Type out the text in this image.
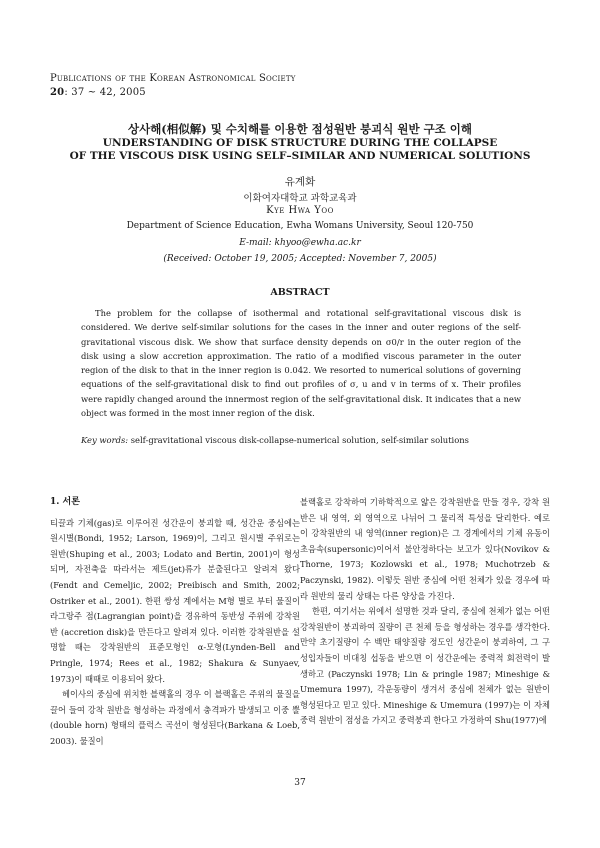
Publications of the Korean Astronomical Society
20: 37 ~ 42, 2005
상사해(相似解) 및 수치해를 이용한 점성원반 붕괴식 원반 구조 이해
UNDERSTANDING OF DISK STRUCTURE DURING THE COLLAPSE
OF THE VISCOUS DISK USING SELF–SIMILAR AND NUMERICAL SOLUTIONS
유계화
이화여자대학교 과학교육과
Kye Hwa Yoo
Department of Science Education, Ewha Womans University, Seoul 120-750
E-mail: khyoo@ewha.ac.kr
(Received: October 19, 2005; Accepted: November 7, 2005)
ABSTRACT

The problem for the collapse of isothermal and rotational self-gravitational viscous disk is considered. We derive self-similar solutions for the cases in the inner and outer regions of the self-gravitational viscous disk. We show that surface density depends on σ0/r in the outer region of the disk using a slow accretion approximation. The ratio of a modified viscous parameter in the outer region of the disk to that in the inner region is 0.042. We resorted to numerical solutions of governing equations of the self-gravitational disk to find out profiles of σ, u and v in terms of x. Their profiles were rapidly changed around the innermost region of the self-gravitational disk. It indicates that a new object was formed in the most inner region of the disk.

Key words: self-gravitational viscous disk-collapse-numerical solution, self-similar solutions
1. 서론

티끌과 기체(gas)로 이루어진 성간운이 붕괴할 때, 성간운 중심에는 원시별(Bondi, 1952; Larson, 1969)이, 그리고 원시별 주위로는 원반(Shuping et al., 2003; Lodato and Bertin, 2001)이 형성되며, 자전축을 따라서는 제트(jet)류가 분출된다고 알려져 왔다(Fendt and Cemeljic, 2002; Preibisch and Smith, 2002; Ostriker et al., 2001). 한편 쌍성 계에서는 M형 별로 부터 물질이 라그랑주 점(Lagrangian point)을 경유하여 동반성 주위에 강착원반 (accretion disk)을 만든다고 알려져 있다. 이러한 강착원반을 설명할 때는 강착원반의 표준모형인 α-모형(Lynden-Bell and Pringle, 1974; Rees et al., 1982; Shakura & Sunyaev, 1973)이 때때로 이용되어 왔다.

헤이사의 중심에 위치한 블랙홀의 경우 이 블랙홀은 주위의 물질을 끌어 들여 강착 원반을 형성하는 과정에서 충격파가 발생되고 이중 뿔(double horn) 형태의 플럭스 곡선이 형성된다(Barkana & Loeb, 2003). 물질이

블랙홀로 강착하여 기하학적으로 얇은 강착원반을 만들 경우, 강착 원반은 내 영역, 외 영역으로 나뉘어 그 물리적 특성을 달리한다. 예로 이 강착원반의 내 영역(inner region)은 그 경계에서의 기체 유동이 초음속(supersonic)이어서 불안정하다는 보고가 있다(Novikov & Thorne, 1973; Kozlowski et al., 1978; Muchotrzeb & Paczynski, 1982). 이렇듯 원반 중심에 어떤 천체가 있을 경우에 따라 원반의 물리 상태는 다른 양상을 가진다.

한편, 여기서는 위에서 설명한 것과 달리, 중심에 천체가 없는 어떤 강착원반이 붕괴하여 질량이 큰 천체 등을 형성하는 경우를 생각한다. 만약 초기질량이 수 백만 태양질량 정도인 성간운이 붕괴하여, 그 구성입자들이 비대칭 섭동을 받으면 이 성간운에는 중력적 회전력이 발생하고 (Paczynski 1978; Lin & pringle 1987; Mineshige & Umemura 1997), 각운동량이 생겨서 중심에 천체가 없는 원반이 형성된다고 믿고 있다. Mineshige & Umemura (1997)는 이 자체 중력 원반이 점성을 가지고 중력붕괴 한다고 가정하여 Shu(1977)에

37
